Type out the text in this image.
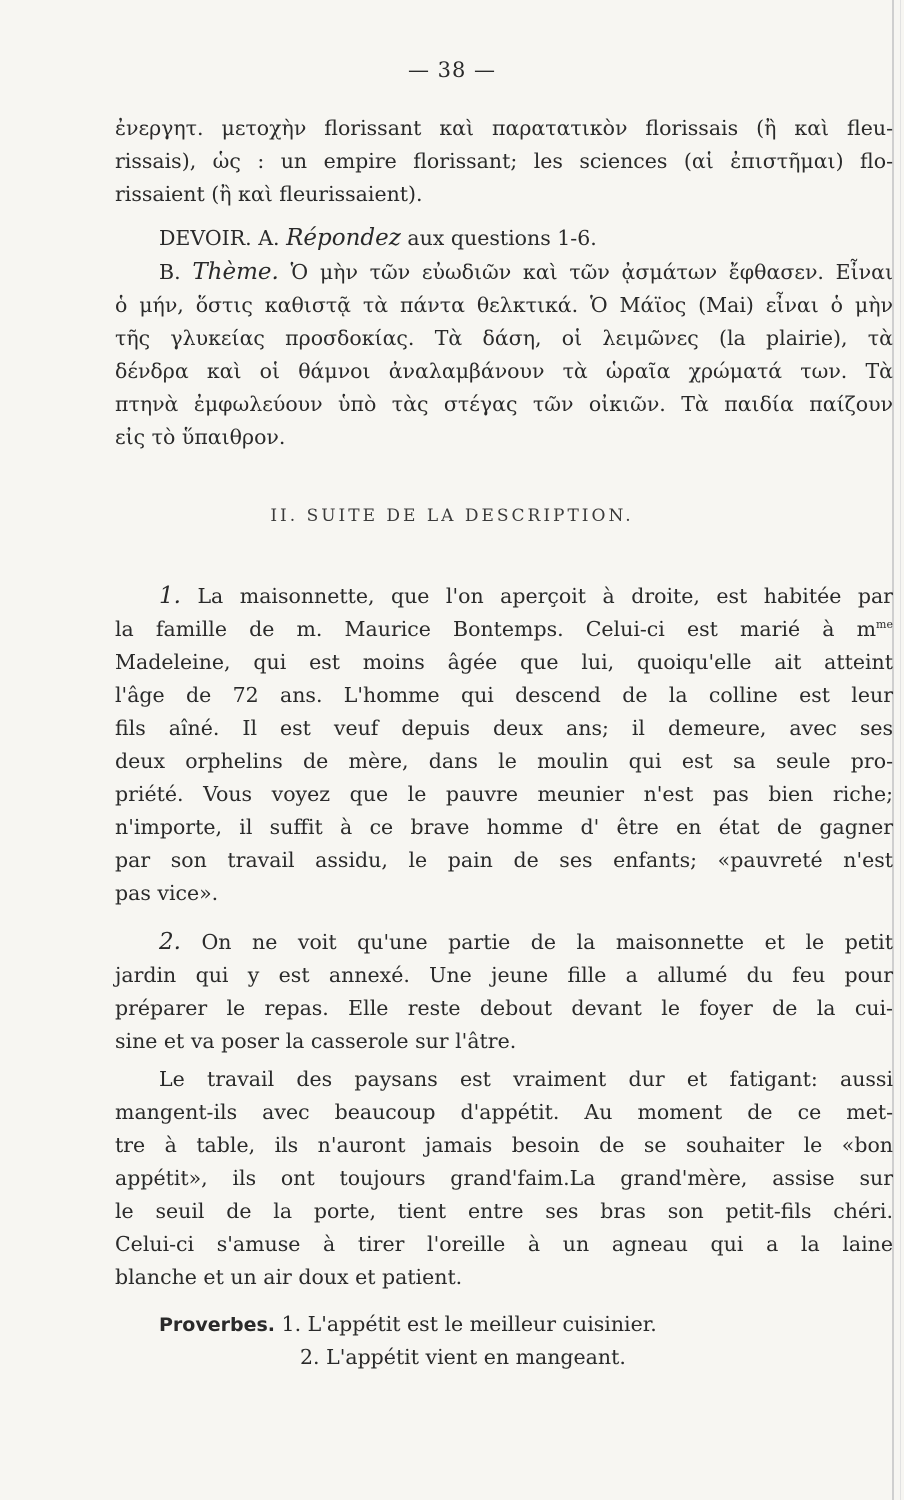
— 38 —
ἐνεργητ. μετοχὴν florissant καὶ παρατατικὸν florissais (ἢ καὶ fleu-
rissais), ὡς : un empire florissant; les sciences (αἱ ἐπιστῆμαι) flo-
rissaient (ἢ καὶ fleurissaient).
DEVOIR. A. Répondez aux questions 1-6.
B. Thème. Ὁ μὴν τῶν εὐωδιῶν καὶ τῶν ᾀσμάτων ἔφθασεν. Εἶναι
ὁ μήν, ὅστις καθιστᾷ τὰ πάντα θελκτικά. Ὁ Μάϊος (Mai) εἶναι ὁ μὴν
τῆς γλυκείας προσδοκίας. Τὰ δάση, οἱ λειμῶνες (la plairie), τὰ
δένδρα καὶ οἱ θάμνοι ἀναλαμβάνουν τὰ ὡραῖα χρώματά των. Τὰ
πτηνὰ ἐμφωλεύουν ὑπὸ τὰς στέγας τῶν οἰκιῶν. Τὰ παιδία παίζουν
εἰς τὸ ὕπαιθρον.
II. SUITE DE LA DESCRIPTION.
1. La maisonnette, que l'on aperçoit à droite, est habitée par
la famille de m. Maurice Bontemps. Celui-ci est marié à $m^{me}$
Madeleine, qui est moins âgée que lui, quoiqu'elle ait atteint
l'âge de 72 ans. L'homme qui descend de la colline est leur
fils aîné. Il est veuf depuis deux ans; il demeure, avec ses
deux orphelins de mère, dans le moulin qui est sa seule pro-
priété. Vous voyez que le pauvre meunier n'est pas bien riche;
n'importe, il suffit à ce brave homme d' être en état de gagner
par son travail assidu, le pain de ses enfants; «pauvreté n'est
pas vice».
2. On ne voit qu'une partie de la maisonnette et le petit
jardin qui y est annexé. Une jeune fille a allumé du feu pour
préparer le repas. Elle reste debout devant le foyer de la cui-
sine et va poser la casserole sur l'âtre.
Le travail des paysans est vraiment dur et fatigant: aussi
mangent-ils avec beaucoup d'appétit. Au moment de ce met-
tre à table, ils n'auront jamais besoin de se souhaiter le «bon
appétit», ils ont toujours grand'faim.La grand'mère, assise sur
le seuil de la porte, tient entre ses bras son petit-fils chéri.
Celui-ci s'amuse à tirer l'oreille à un agneau qui a la laine
blanche et un air doux et patient.
Proverbes. 1. L'appétit est le meilleur cuisinier.
2. L'appétit vient en mangeant.
